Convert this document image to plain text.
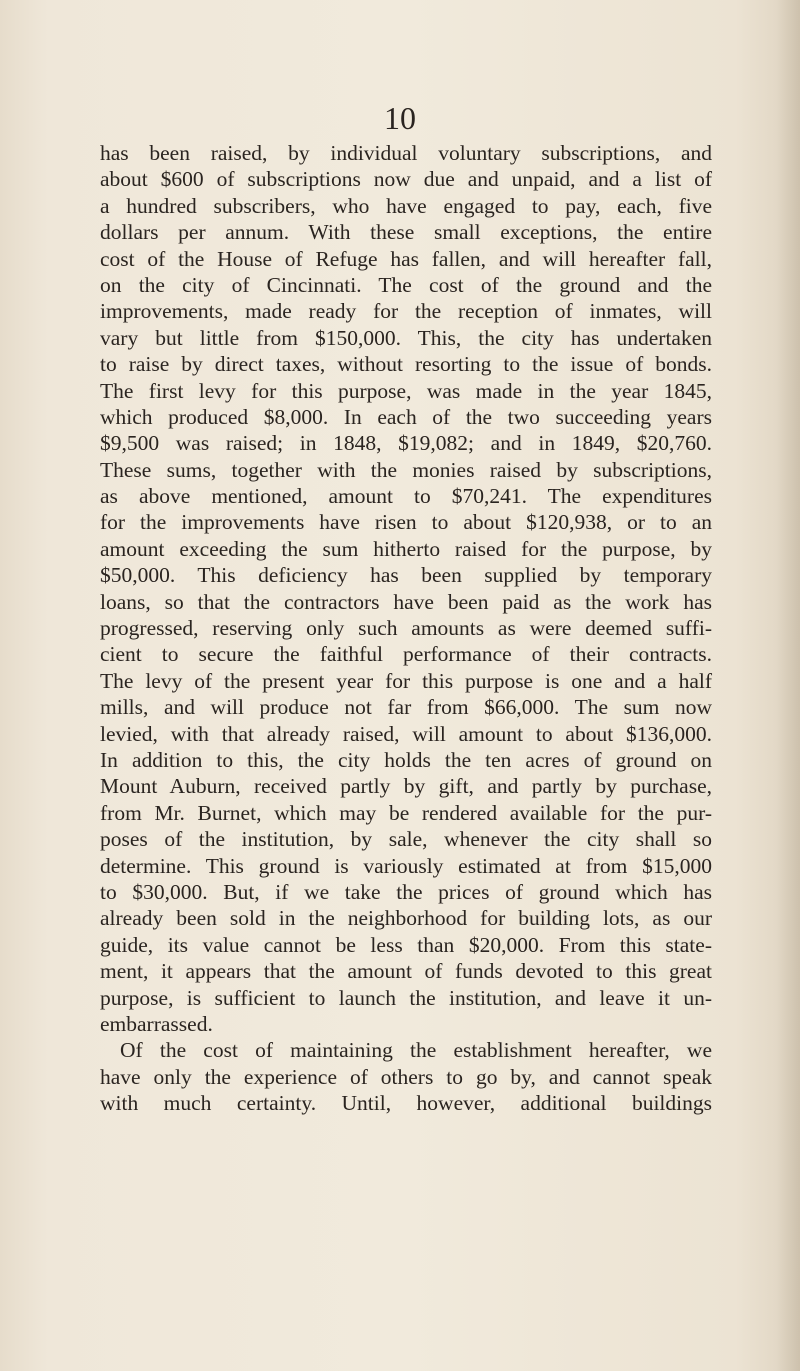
10
has been raised, by individual voluntary subscriptions, and
about $600 of subscriptions now due and unpaid, and a list of
a hundred subscribers, who have engaged to pay, each, five
dollars per annum. With these small exceptions, the entire
cost of the House of Refuge has fallen, and will hereafter fall,
on the city of Cincinnati. The cost of the ground and the
improvements, made ready for the reception of inmates, will
vary but little from $150,000. This, the city has undertaken
to raise by direct taxes, without resorting to the issue of bonds.
The first levy for this purpose, was made in the year 1845,
which produced $8,000. In each of the two succeeding years
$9,500 was raised; in 1848, $19,082; and in 1849, $20,760.
These sums, together with the monies raised by subscriptions,
as above mentioned, amount to $70,241. The expenditures
for the improvements have risen to about $120,938, or to an
amount exceeding the sum hitherto raised for the purpose, by
$50,000. This deficiency has been supplied by temporary
loans, so that the contractors have been paid as the work has
progressed, reserving only such amounts as were deemed suffi-
cient to secure the faithful performance of their contracts.
The levy of the present year for this purpose is one and a half
mills, and will produce not far from $66,000. The sum now
levied, with that already raised, will amount to about $136,000.
In addition to this, the city holds the ten acres of ground on
Mount Auburn, received partly by gift, and partly by purchase,
from Mr. Burnet, which may be rendered available for the pur-
poses of the institution, by sale, whenever the city shall so
determine. This ground is variously estimated at from $15,000
to $30,000. But, if we take the prices of ground which has
already been sold in the neighborhood for building lots, as our
guide, its value cannot be less than $20,000. From this state-
ment, it appears that the amount of funds devoted to this great
purpose, is sufficient to launch the institution, and leave it un-
embarrassed.
Of the cost of maintaining the establishment hereafter, we
have only the experience of others to go by, and cannot speak
with much certainty. Until, however, additional buildings
